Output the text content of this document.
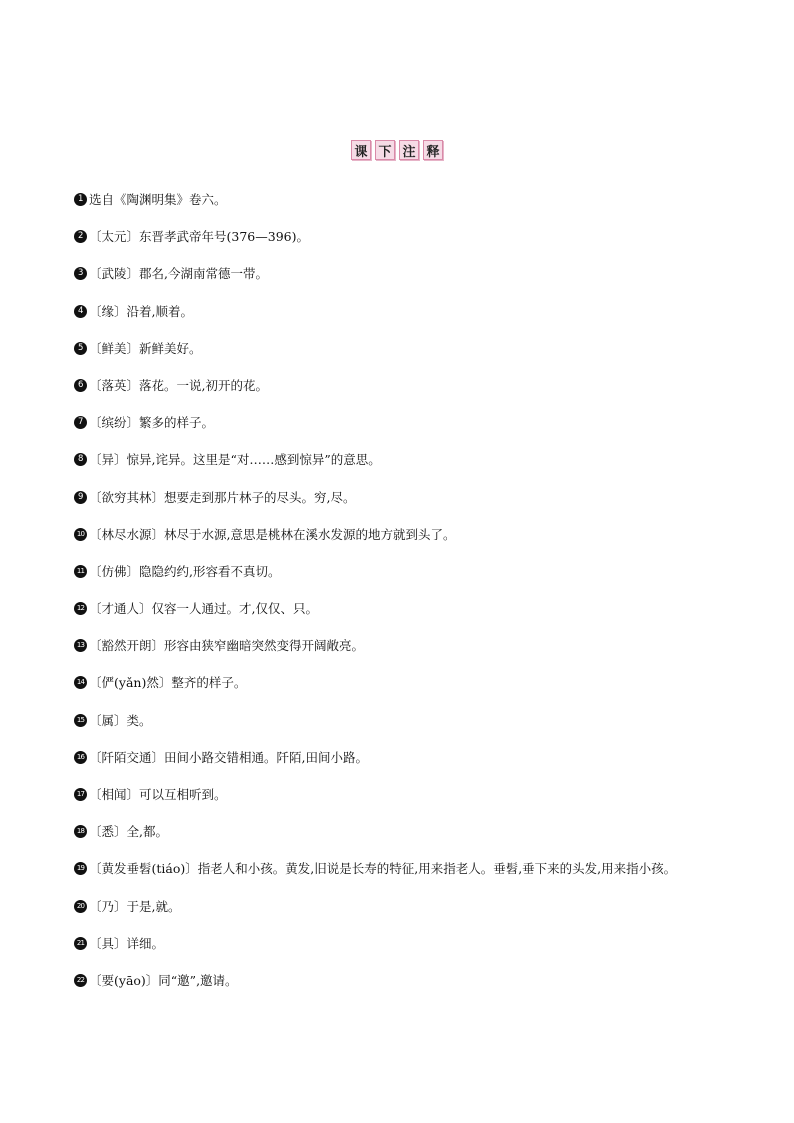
课 下 注 释
1 选自《陶渊明集》卷六。
2 〔太元〕东晋孝武帝年号(376—396)。
3 〔武陵〕郡名,今湖南常德一带。
4 〔缘〕沿着,顺着。
5 〔鲜美〕新鲜美好。
6 〔落英〕落花。一说,初开的花。
7 〔缤纷〕繁多的样子。
8 〔异〕惊异,诧异。这里是“对……感到惊异”的意思。
9 〔欲穷其林〕想要走到那片林子的尽头。穷,尽。
10 〔林尽水源〕林尽于水源,意思是桃林在溪水发源的地方就到头了。
11 〔仿佛〕隐隐约约,形容看不真切。
12 〔才通人〕仅容一人通过。才,仅仅、只。
13 〔豁然开朗〕形容由狭窄幽暗突然变得开阔敞亮。
14 〔俨(yǎn)然〕整齐的样子。
15 〔属〕类。
16 〔阡陌交通〕田间小路交错相通。阡陌,田间小路。
17 〔相闻〕可以互相听到。
18 〔悉〕全,都。
19 〔黄发垂髫(tiáo)〕指老人和小孩。黄发,旧说是长寿的特征,用来指老人。垂髫,垂下来的头发,用来指小孩。
20 〔乃〕于是,就。
21 〔具〕详细。
22 〔要(yāo)〕同“邀”,邀请。
